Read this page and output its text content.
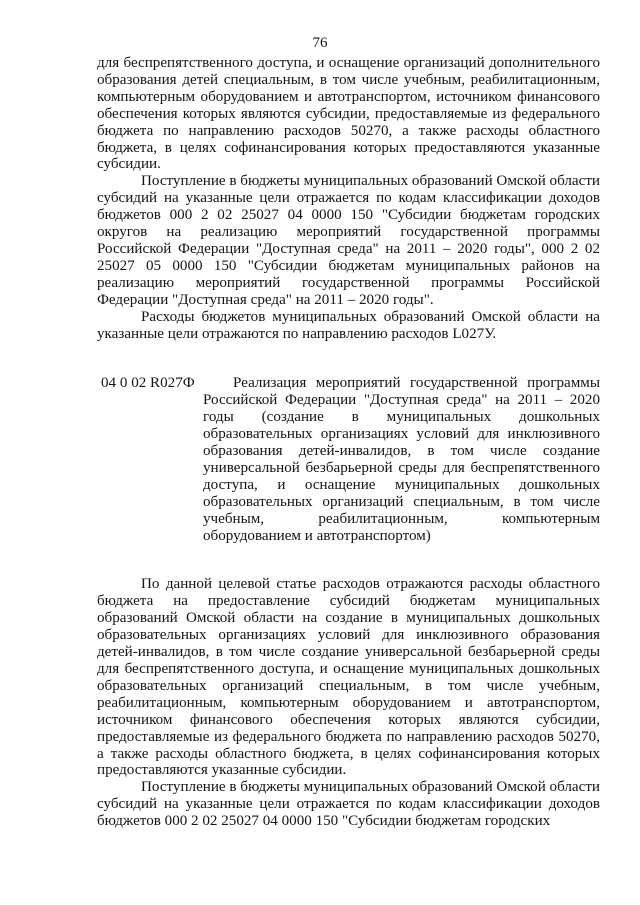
76

для беспрепятственного доступа, и оснащение организаций дополнительного образования детей специальным, в том числе учебным, реабилитационным, компьютерным оборудованием и автотранспортом, источником финансового обеспечения которых являются субсидии, предоставляемые из федерального бюджета по направлению расходов 50270, а также расходы областного бюджета, в целях софинансирования которых предоставляются указанные субсидии.

Поступление в бюджеты муниципальных образований Омской области субсидий на указанные цели отражается по кодам классификации доходов бюджетов 000 2 02 25027 04 0000 150 "Субсидии бюджетам городских округов на реализацию мероприятий государственной программы Российской Федерации "Доступная среда" на 2011 – 2020 годы", 000 2 02 25027 05 0000 150 "Субсидии бюджетам муниципальных районов на реализацию мероприятий государственной программы Российской Федерации "Доступная среда" на 2011 – 2020 годы".

Расходы бюджетов муниципальных образований Омской области на указанные цели отражаются по направлению расходов L027У.

04 0 02 R027Ф	Реализация мероприятий государственной программы Российской Федерации "Доступная среда" на 2011 – 2020 годы (создание в муниципальных дошкольных образовательных организациях условий для инклюзивного образования детей-инвалидов, в том числе создание универсальной безбарьерной среды для беспрепятственного доступа, и оснащение муниципальных дошкольных образовательных организаций специальным, в том числе учебным, реабилитационным, компьютерным оборудованием и автотранспортом)

По данной целевой статье расходов отражаются расходы областного бюджета на предоставление субсидий бюджетам муниципальных образований Омской области на создание в муниципальных дошкольных образовательных организациях условий для инклюзивного образования детей-инвалидов, в том числе создание универсальной безбарьерной среды для беспрепятственного доступа, и оснащение муниципальных дошкольных образовательных организаций специальным, в том числе учебным, реабилитационным, компьютерным оборудованием и автотранспортом, источником финансового обеспечения которых являются субсидии, предоставляемые из федерального бюджета по направлению расходов 50270, а также расходы областного бюджета, в целях софинансирования которых предоставляются указанные субсидии.

Поступление в бюджеты муниципальных образований Омской области субсидий на указанные цели отражается по кодам классификации доходов бюджетов 000 2 02 25027 04 0000 150 "Субсидии бюджетам городских
